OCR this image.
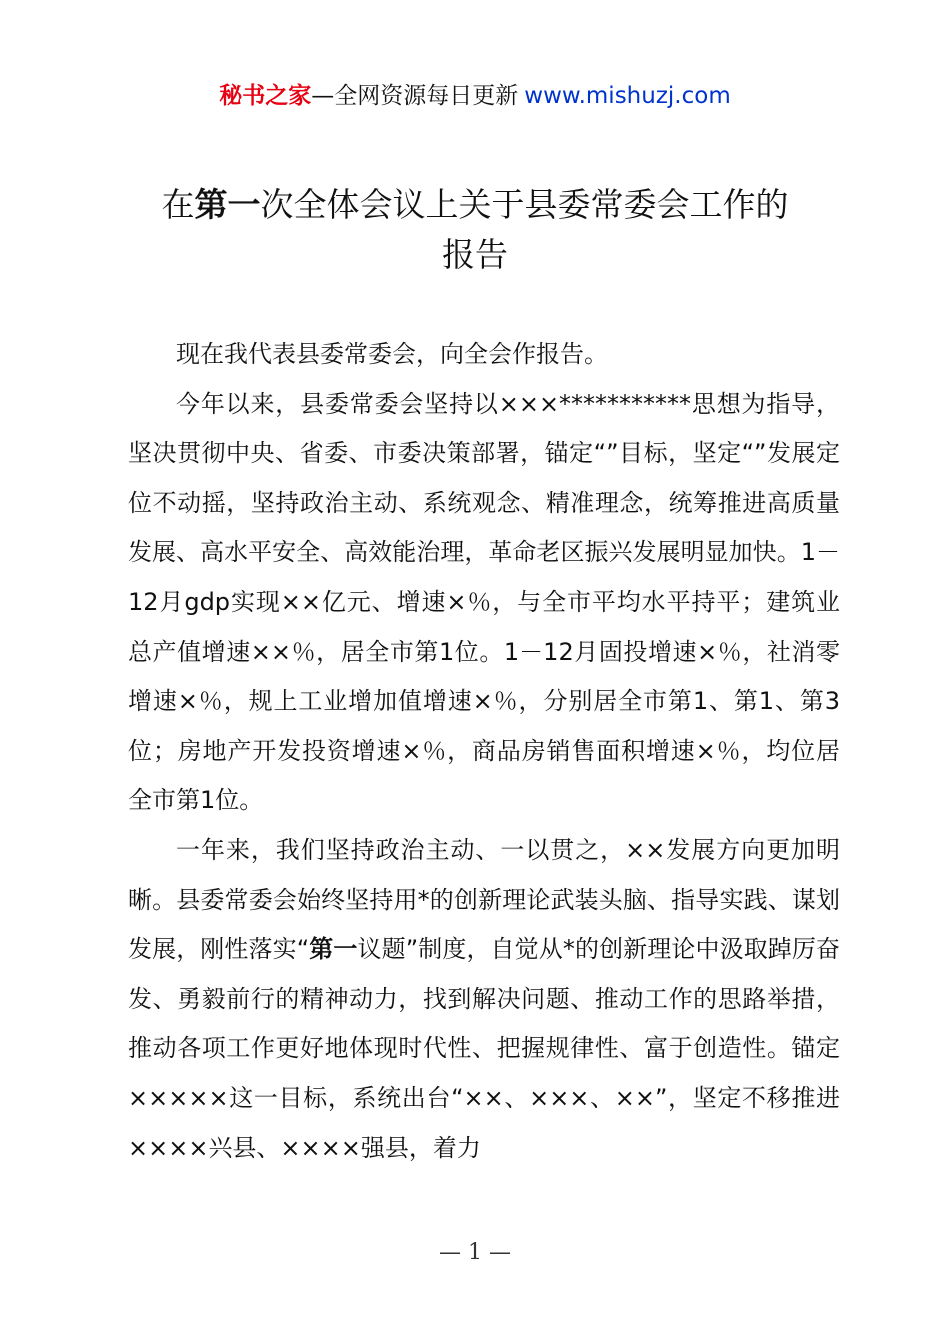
秘书之家—全网资源每日更新 www.mishuzj.com
在第一次全体会议上关于县委常委会工作的
报告

现在我代表县委常委会，向全会作报告。

今年以来，县委常委会坚持以×××***********思想为指导，坚决贯彻中央、省委、市委决策部署，锚定“”目标，坚定“”发展定位不动摇，坚持政治主动、系统观念、精准理念，统筹推进高质量发展、高水平安全、高效能治理，革命老区振兴发展明显加快。1－12月gdp实现××亿元、增速×％，与全市平均水平持平；建筑业总产值增速××％，居全市第1位。1－12月固投增速×％，社消零增速×％，规上工业增加值增速×％，分别居全市第1、第1、第3位；房地产开发投资增速×％，商品房销售面积增速×％，均位居全市第1位。

一年来，我们坚持政治主动、一以贯之，××发展方向更加明晰。县委常委会始终坚持用*的创新理论武装头脑、指导实践、谋划发展，刚性落实“第一议题”制度，自觉从*的创新理论中汲取踔厉奋发、勇毅前行的精神动力，找到解决问题、推动工作的思路举措，推动各项工作更好地体现时代性、把握规律性、富于创造性。锚定×××××这一目标，系统出台“××、×××、××”，坚定不移推进××××兴县、××××强县，着力

— 1 —
